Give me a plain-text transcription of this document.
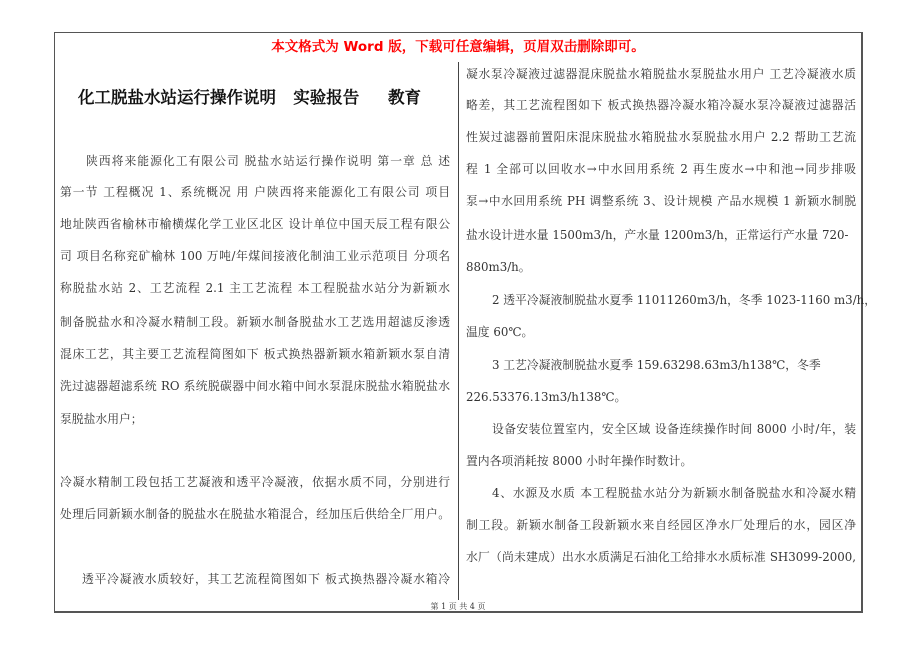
本文格式为 Word 版，下载可任意编辑，页眉双击删除即可。
化工脱盐水站运行操作说明   实验报告     教育
陕西将来能源化工有限公司 脱盐水站运行操作说明 第一章 总 述
第一节 工程概况 1、系统概况 用 户陕西将来能源化工有限公司 项目
地址陕西省榆林市榆横煤化学工业区北区 设计单位中国天辰工程有限公
司 项目名称兖矿榆林 100 万吨/年煤间接液化制油工业示范项目 分项名
称脱盐水站 2、工艺流程 2.1 主工艺流程 本工程脱盐水站分为新颖水
制备脱盐水和冷凝水精制工段。新颖水制备脱盐水工艺选用超滤反渗透
混床工艺，其主要工艺流程简图如下 板式换热器新颖水箱新颖水泵自清
洗过滤器超滤系统 RO 系统脱碳器中间水箱中间水泵混床脱盐水箱脱盐水
泵脱盐水用户；
冷凝水精制工段包括工艺凝液和透平冷凝液，依据水质不同，分别进行
处理后同新颖水制备的脱盐水在脱盐水箱混合，经加压后供给全厂用户。
透平冷凝液水质较好，其工艺流程简图如下 板式换热器冷凝水箱冷
凝水泵冷凝液过滤器混床脱盐水箱脱盐水泵脱盐水用户 工艺冷凝液水质
略差，其工艺流程图如下 板式换热器冷凝水箱冷凝水泵冷凝液过滤器活
性炭过滤器前置阳床混床脱盐水箱脱盐水泵脱盐水用户 2.2 帮助工艺流
程 1 全部可以回收水→中水回用系统 2 再生废水→中和池→同步排吸
泵→中水回用系统 PH 调整系统 3、设计规模 产品水规模 1 新颖水制脱
盐水设计进水量 1500m3/h，产水量 1200m3/h，正常运行产水量 720-
880m3/h。
2 透平冷凝液制脱盐水夏季 11011260m3/h，冬季 1023-1160 m3/h，
温度 60℃。
3 工艺冷凝液制脱盐水夏季 159.63298.63m3/h138℃，冬季
226.53376.13m3/h138℃。
设备安装位置室内，安全区域 设备连续操作时间 8000 小时/年，装
置内各项消耗按 8000 小时年操作时数计。
4、水源及水质 本工程脱盐水站分为新颖水制备脱盐水和冷凝水精
制工段。新颖水制备工段新颖水来自经园区净水厂处理后的水，园区净
水厂（尚未建成）出水水质满足石油化工给排水水质标准 SH3099-2000,
第 1 页 共 4 页
